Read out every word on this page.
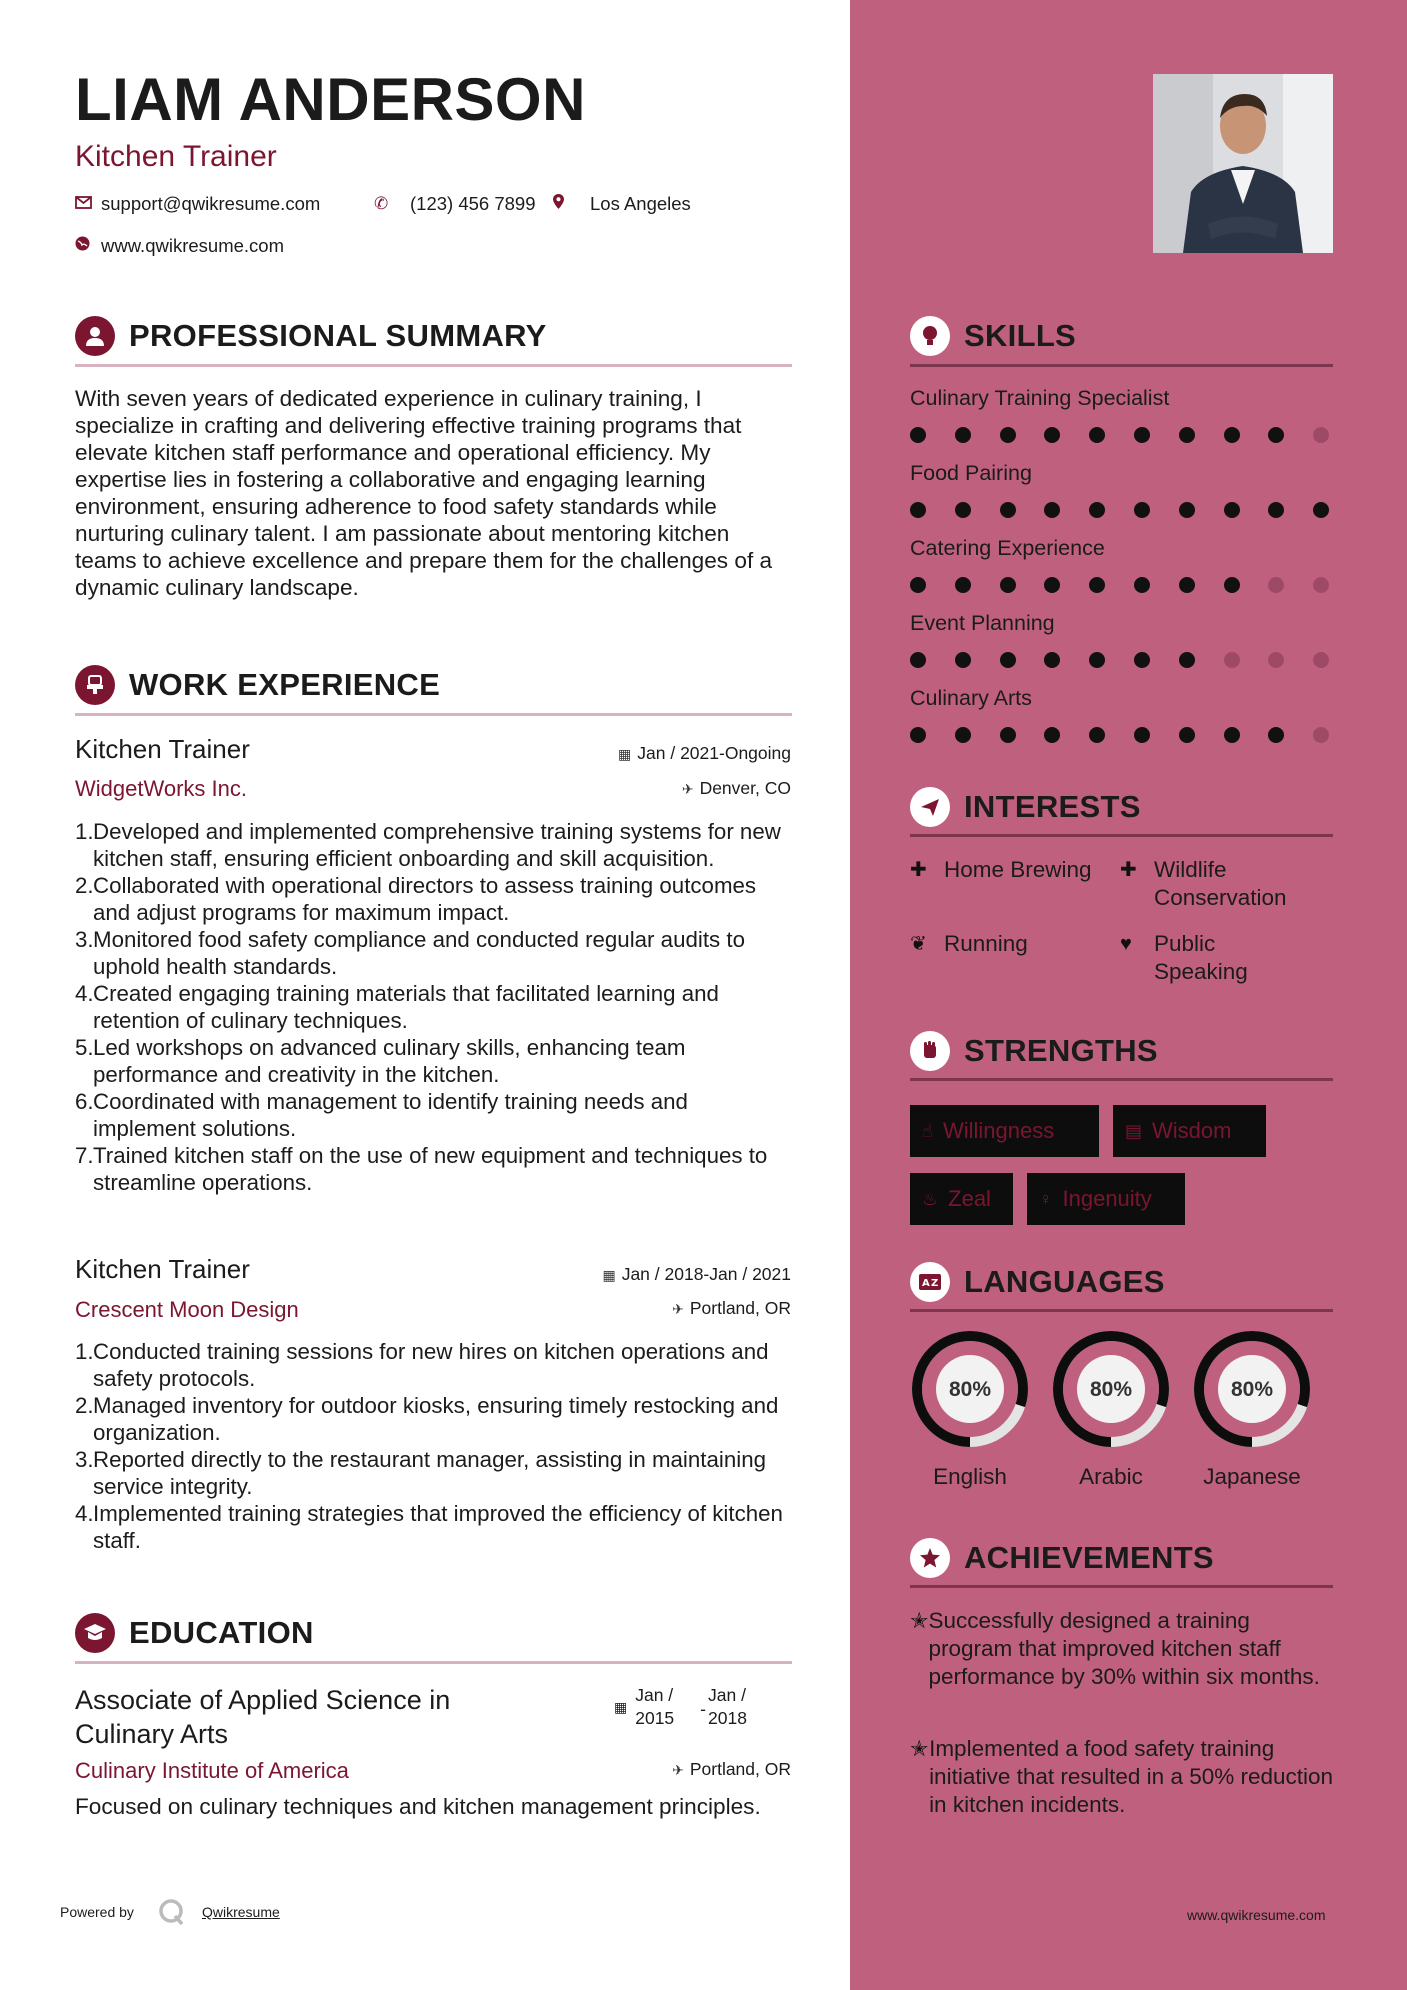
LIAM ANDERSON
Kitchen Trainer
support@qwikresume.com	✆	(123) 456 7899	Los Angeles
www.qwikresume.com
PROFESSIONAL SUMMARY
With seven years of dedicated experience in culinary training, I specialize in crafting and delivering effective training programs that elevate kitchen staff performance and operational efficiency. My expertise lies in fostering a collaborative and engaging learning environment, ensuring adherence to food safety standards while nurturing culinary talent. I am passionate about mentoring kitchen teams to achieve excellence and prepare them for the challenges of a dynamic culinary landscape.
WORK EXPERIENCE
Kitchen Trainer	▦ Jan / 2021-Ongoing
WidgetWorks Inc.	✈ Denver, CO
Developed and implemented comprehensive training systems for new kitchen staff, ensuring efficient onboarding and skill acquisition.
Collaborated with operational directors to assess training outcomes and adjust programs for maximum impact.
Monitored food safety compliance and conducted regular audits to uphold health standards.
Created engaging training materials that facilitated learning and retention of culinary techniques.
Led workshops on advanced culinary skills, enhancing team performance and creativity in the kitchen.
Coordinated with management to identify training needs and implement solutions.
Trained kitchen staff on the use of new equipment and techniques to streamline operations.
Kitchen Trainer	▦ Jan / 2018-Jan / 2021
Crescent Moon Design	✈ Portland, OR
Conducted training sessions for new hires on kitchen operations and safety protocols.
Managed inventory for outdoor kiosks, ensuring timely restocking and organization.
Reported directly to the restaurant manager, assisting in maintaining service integrity.
Implemented training strategies that improved the efficiency of kitchen staff.
EDUCATION
Associate of Applied Science in
Culinary Arts
▦
Jan /
2015 -
Jan /
2018
Culinary Institute of America	✈ Portland, OR
Focused on culinary techniques and kitchen management principles.
Powered by	Qwikresume	www.qwikresume.com
SKILLS
Culinary Training Specialist
Food Pairing
Catering Experience
Event Planning
Culinary Arts
INTERESTS
✚ Home Brewing ✚ Wildlife
Conservation
❦ Running	♥ Public
Speaking
STRENGTHS
☝ Willingness	▤ Wisdom
♨ Zeal	♀ Ingenuity
A Z LANGUAGES
80%
English
80%
Arabic
80%
Japanese
ACHIEVEMENTS
✭ Successfully designed a training program that improved kitchen staff performance by 30% within six months.
✭ Implemented a food safety training initiative that resulted in a 50% reduction in kitchen incidents.
